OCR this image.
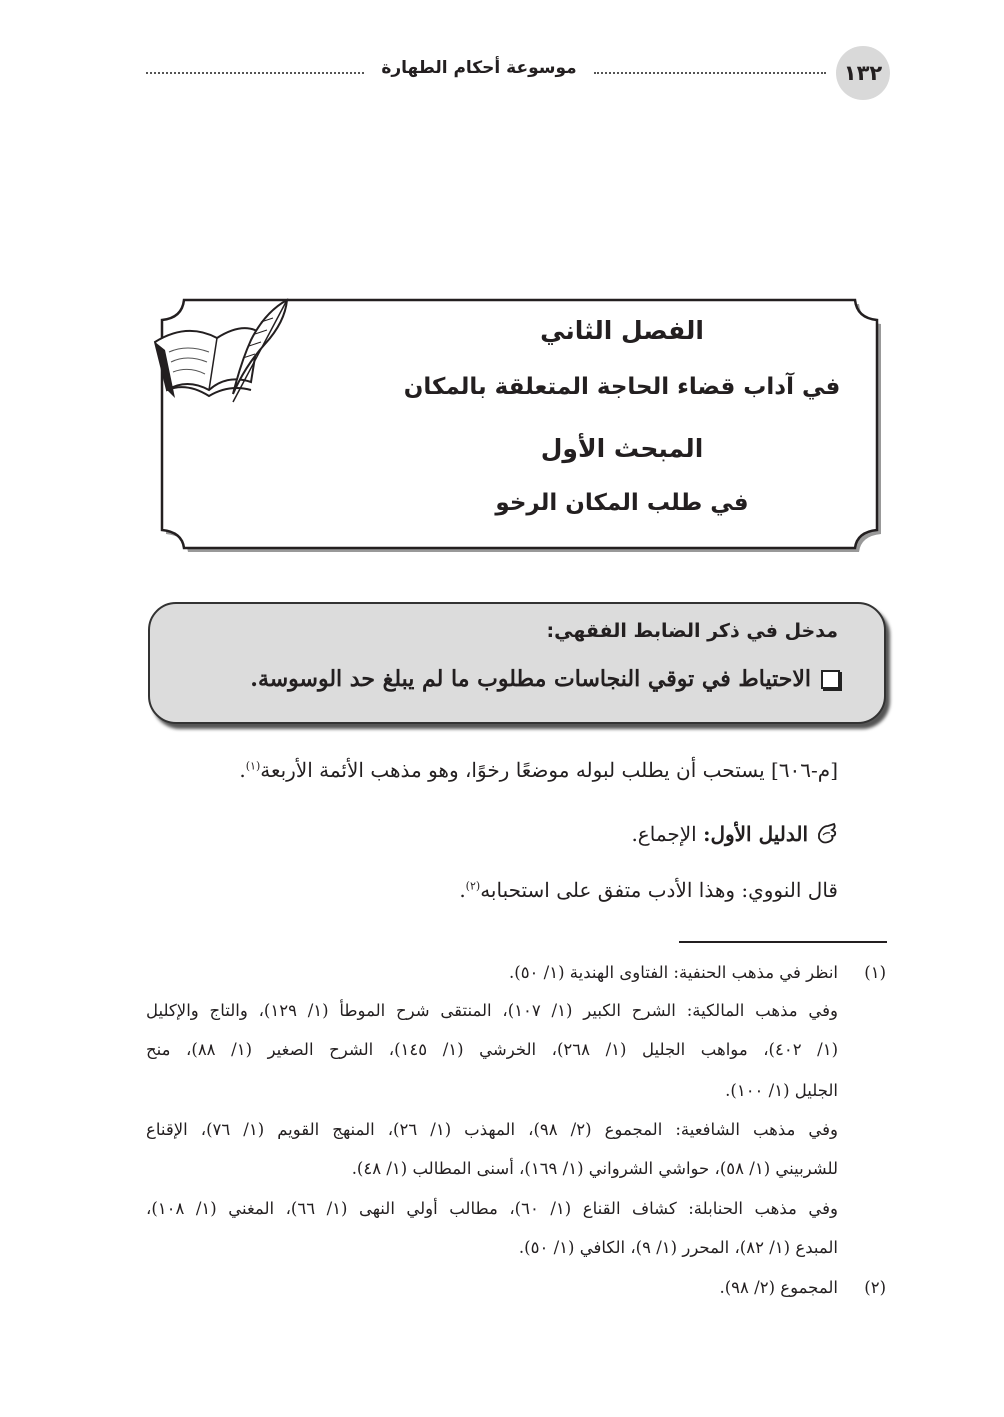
١٣٢
موسوعة أحكام الطهارة
الفصل الثاني
في آداب قضاء الحاجة المتعلقة بالمكان
المبحث الأول
في طلب المكان الرخو
مدخل في ذكر الضابط الفقهي:
الاحتياط في توقي النجاسات مطلوب ما لم يبلغ حد الوسوسة.
[م-٦٠٦] يستحب أن يطلب لبوله موضعًا رخوًا، وهو مذهب الأئمة الأربعة$^{(١)}$.
الدليل الأول:

الإجماع.
قال النووي: وهذا الأدب متفق على استحبابه$^{(٢)}$.
(١)
انظر في مذهب الحنفية: الفتاوى الهندية (١/ ٥٠).
وفي مذهب المالكية: الشرح الكبير (١/ ١٠٧)، المنتقى شرح الموطأ (١/ ١٢٩)، والتاج والإكليل
(١/ ٤٠٢)، مواهب الجليل (١/ ٢٦٨)، الخرشي (١/ ١٤٥)، الشرح الصغير (١/ ٨٨)، منح
الجليل (١/ ١٠٠).
وفي مذهب الشافعية: المجموع (٢/ ٩٨)، المهذب (١/ ٢٦)، المنهج القويم (١/ ٧٦)، الإقناع
للشربيني (١/ ٥٨)، حواشي الشرواني (١/ ١٦٩)، أسنى المطالب (١/ ٤٨).
وفي مذهب الحنابلة: كشاف القناع (١/ ٦٠)، مطالب أولي النهى (١/ ٦٦)، المغني (١/ ١٠٨)،
المبدع (١/ ٨٢)، المحرر (١/ ٩)، الكافي (١/ ٥٠).
(٢)
المجموع (٢/ ٩٨).
